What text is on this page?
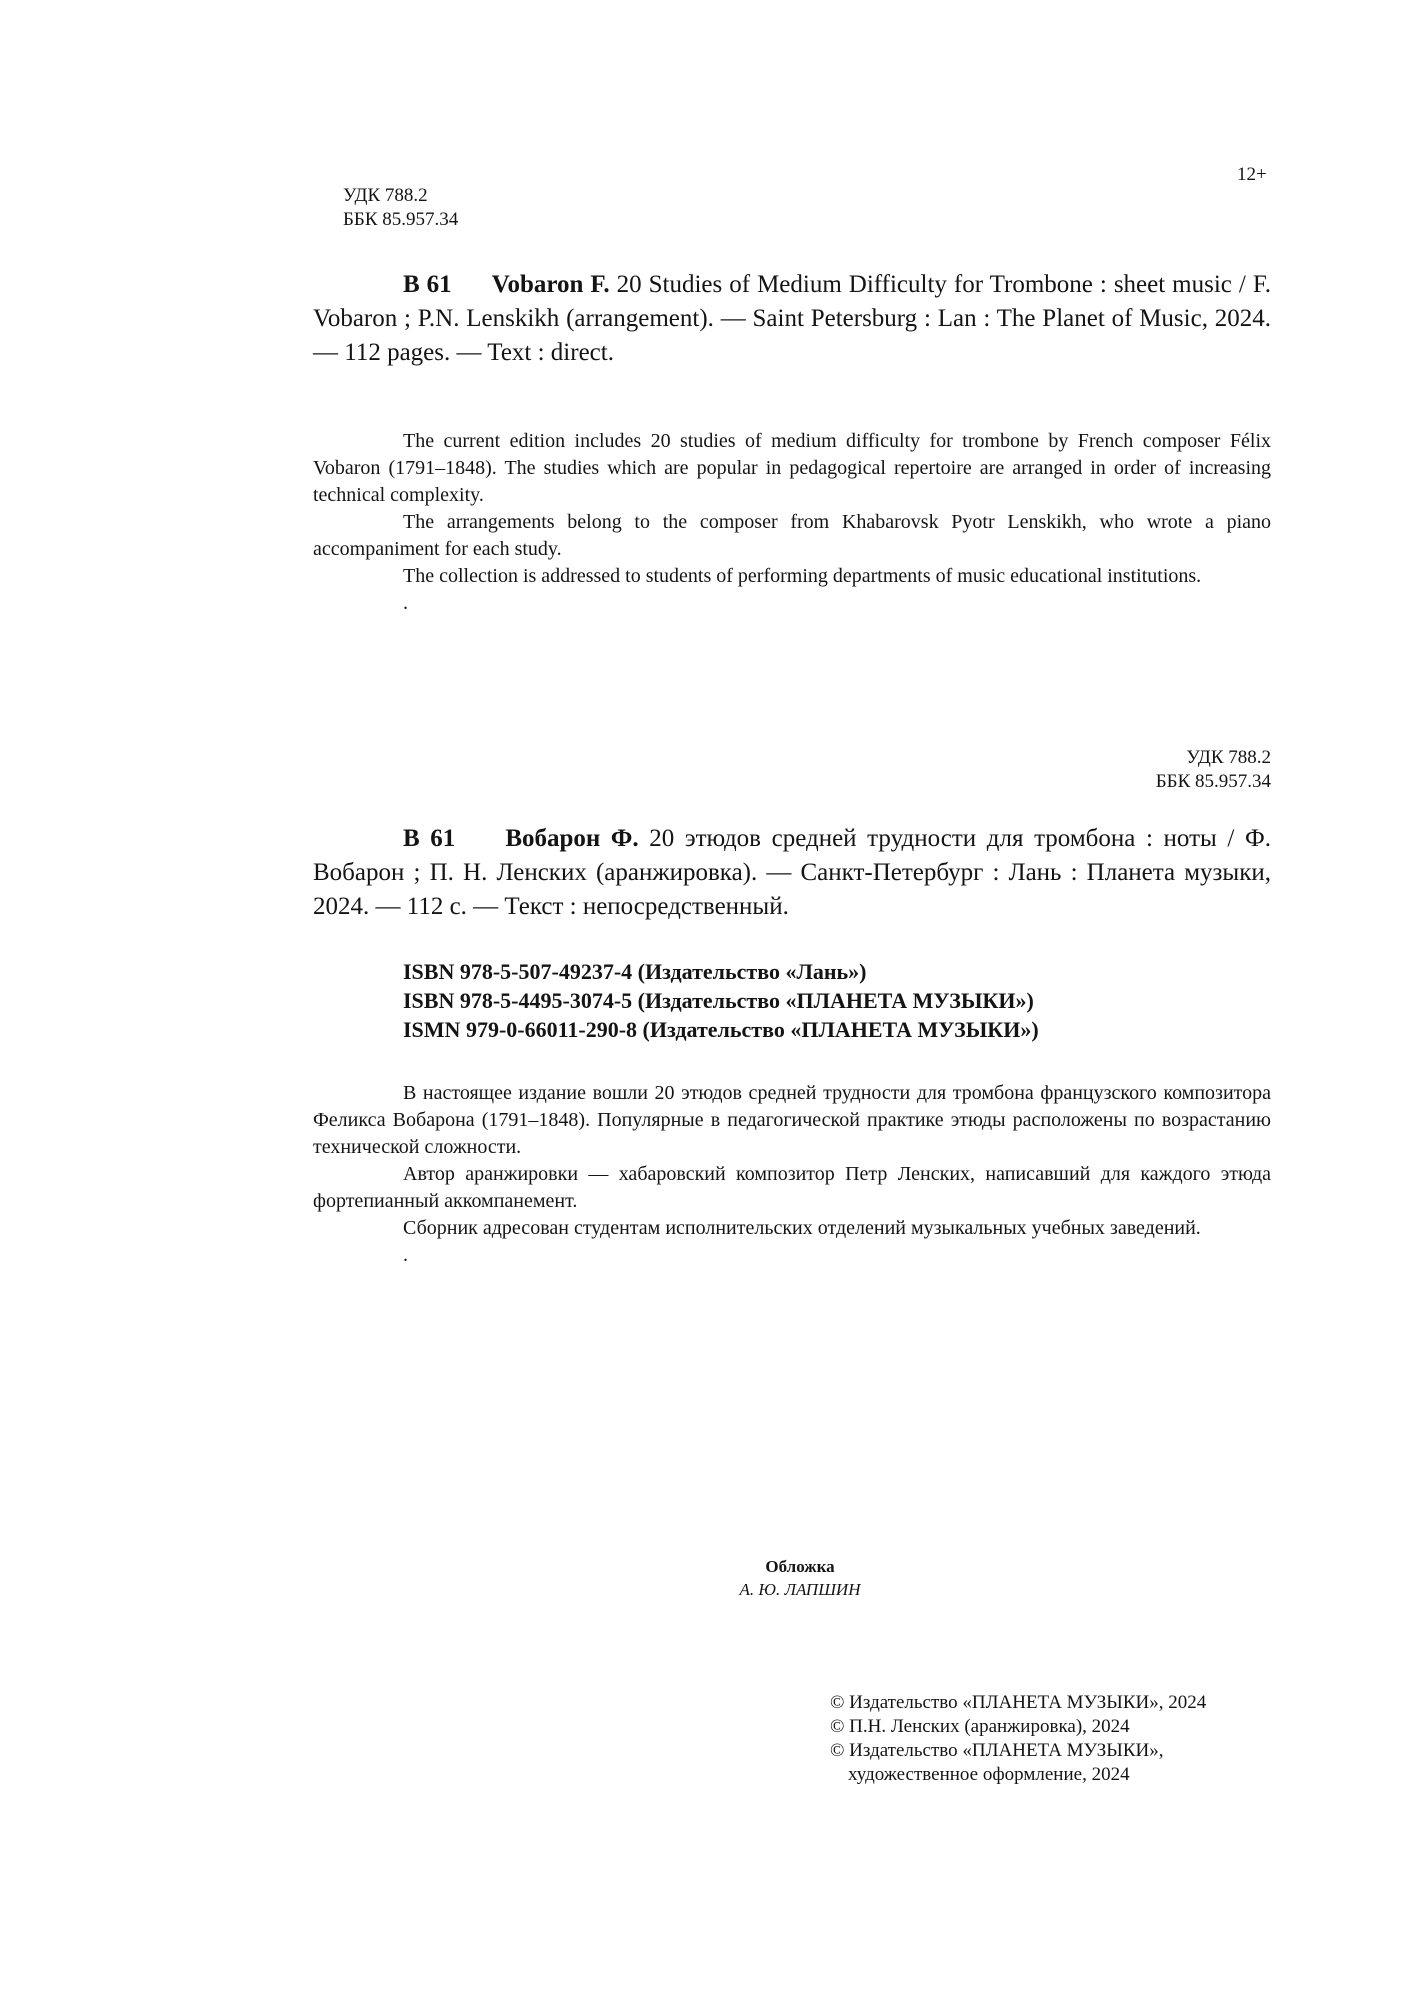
12+
УДК 788.2
ББК 85.957.34

В 61 Vobaron F. 20 Studies of Medium Difficulty for Trombone : sheet music / F. Vobaron ; P.N. Lenskikh (arrangement). — Saint Petersburg : Lan : The Planet of Music, 2024. — 112 pages. — Text : direct.

The current edition includes 20 studies of medium difficulty for trombone by French composer Félix Vobaron (1791–1848). The studies which are popular in pedagogical repertoire are arranged in order of increasing technical complexity.

The arrangements belong to the composer from Khabarovsk Pyotr Lenskikh, who wrote a piano accompaniment for each study.

The collection is addressed to students of performing departments of music educational institutions.

.

УДК 788.2
ББК 85.957.34

В 61 Вобарон Ф. 20 этюдов средней трудности для тромбона : ноты / Ф. Вобарон ; П. Н. Ленских (аранжировка). — Санкт-Петербург : Лань : Планета музыки, 2024. — 112 с. — Текст : непосредственный.

ISBN 978-5-507-49237-4 (Издательство «Лань»)
ISBN 978-5-4495-3074-5 (Издательство «ПЛАНЕТА МУЗЫКИ»)
ISMN 979-0-66011-290-8 (Издательство «ПЛАНЕТА МУЗЫКИ»)

В настоящее издание вошли 20 этюдов средней трудности для тромбона французского композитора Феликса Вобарона (1791–1848). Популярные в педагогической практике этюды расположены по возрастанию технической сложности.

Автор аранжировки — хабаровский композитор Петр Ленских, написавший для каждого этюда фортепианный аккомпанемент.

Сборник адресован студентам исполнительских отделений музыкальных учебных заведений.

.

Обложка
А. Ю. ЛАПШИН
© Издательство «ПЛАНЕТА МУЗЫКИ», 2024
© П.Н. Ленских (аранжировка), 2024
© Издательство «ПЛАНЕТА МУЗЫКИ»,
художественное оформление, 2024
